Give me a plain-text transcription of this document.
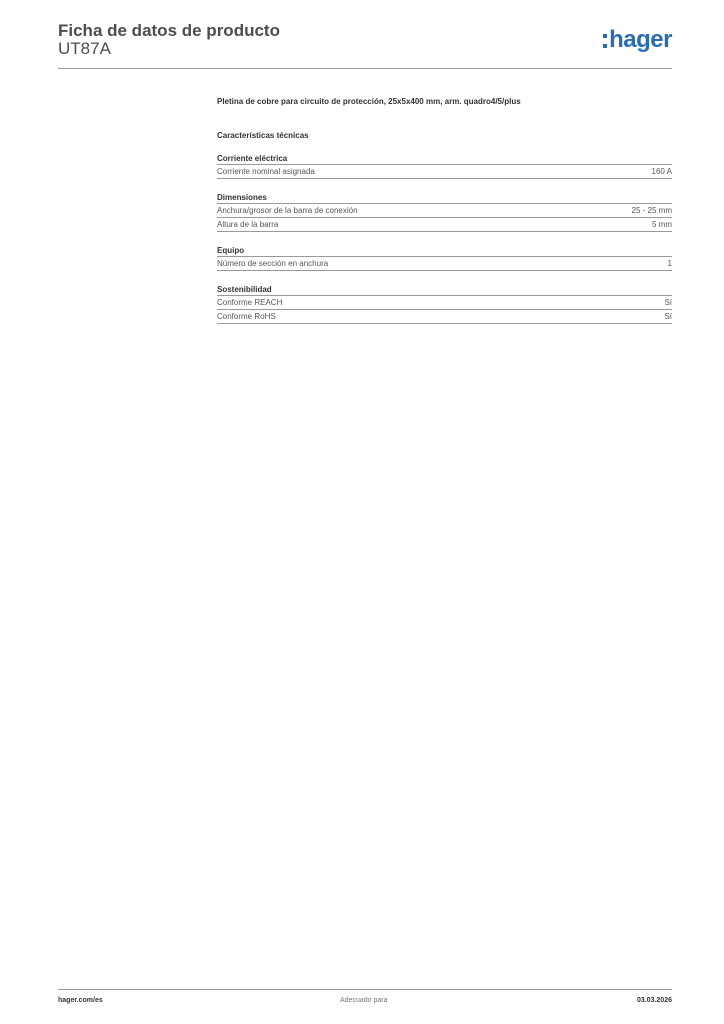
Ficha de datos de producto
UT87A	hager
Pletina de cobre para circuito de protección, 25x5x400 mm, arm. quadro4/5/plus
Características técnicas
Corriente eléctrica
Corriente nominal asignada	160 A
Dimensiones
Anchura/grosor de la barra de conexión	25 - 25 mm
Altura de la barra	5 mm
Equipo
Número de sección en anchura	1
Sostenibilidad
Conforme REACH	Sí
Conforme RoHS	Sí
hager.com/es	Adecuado para	03.03.2026
